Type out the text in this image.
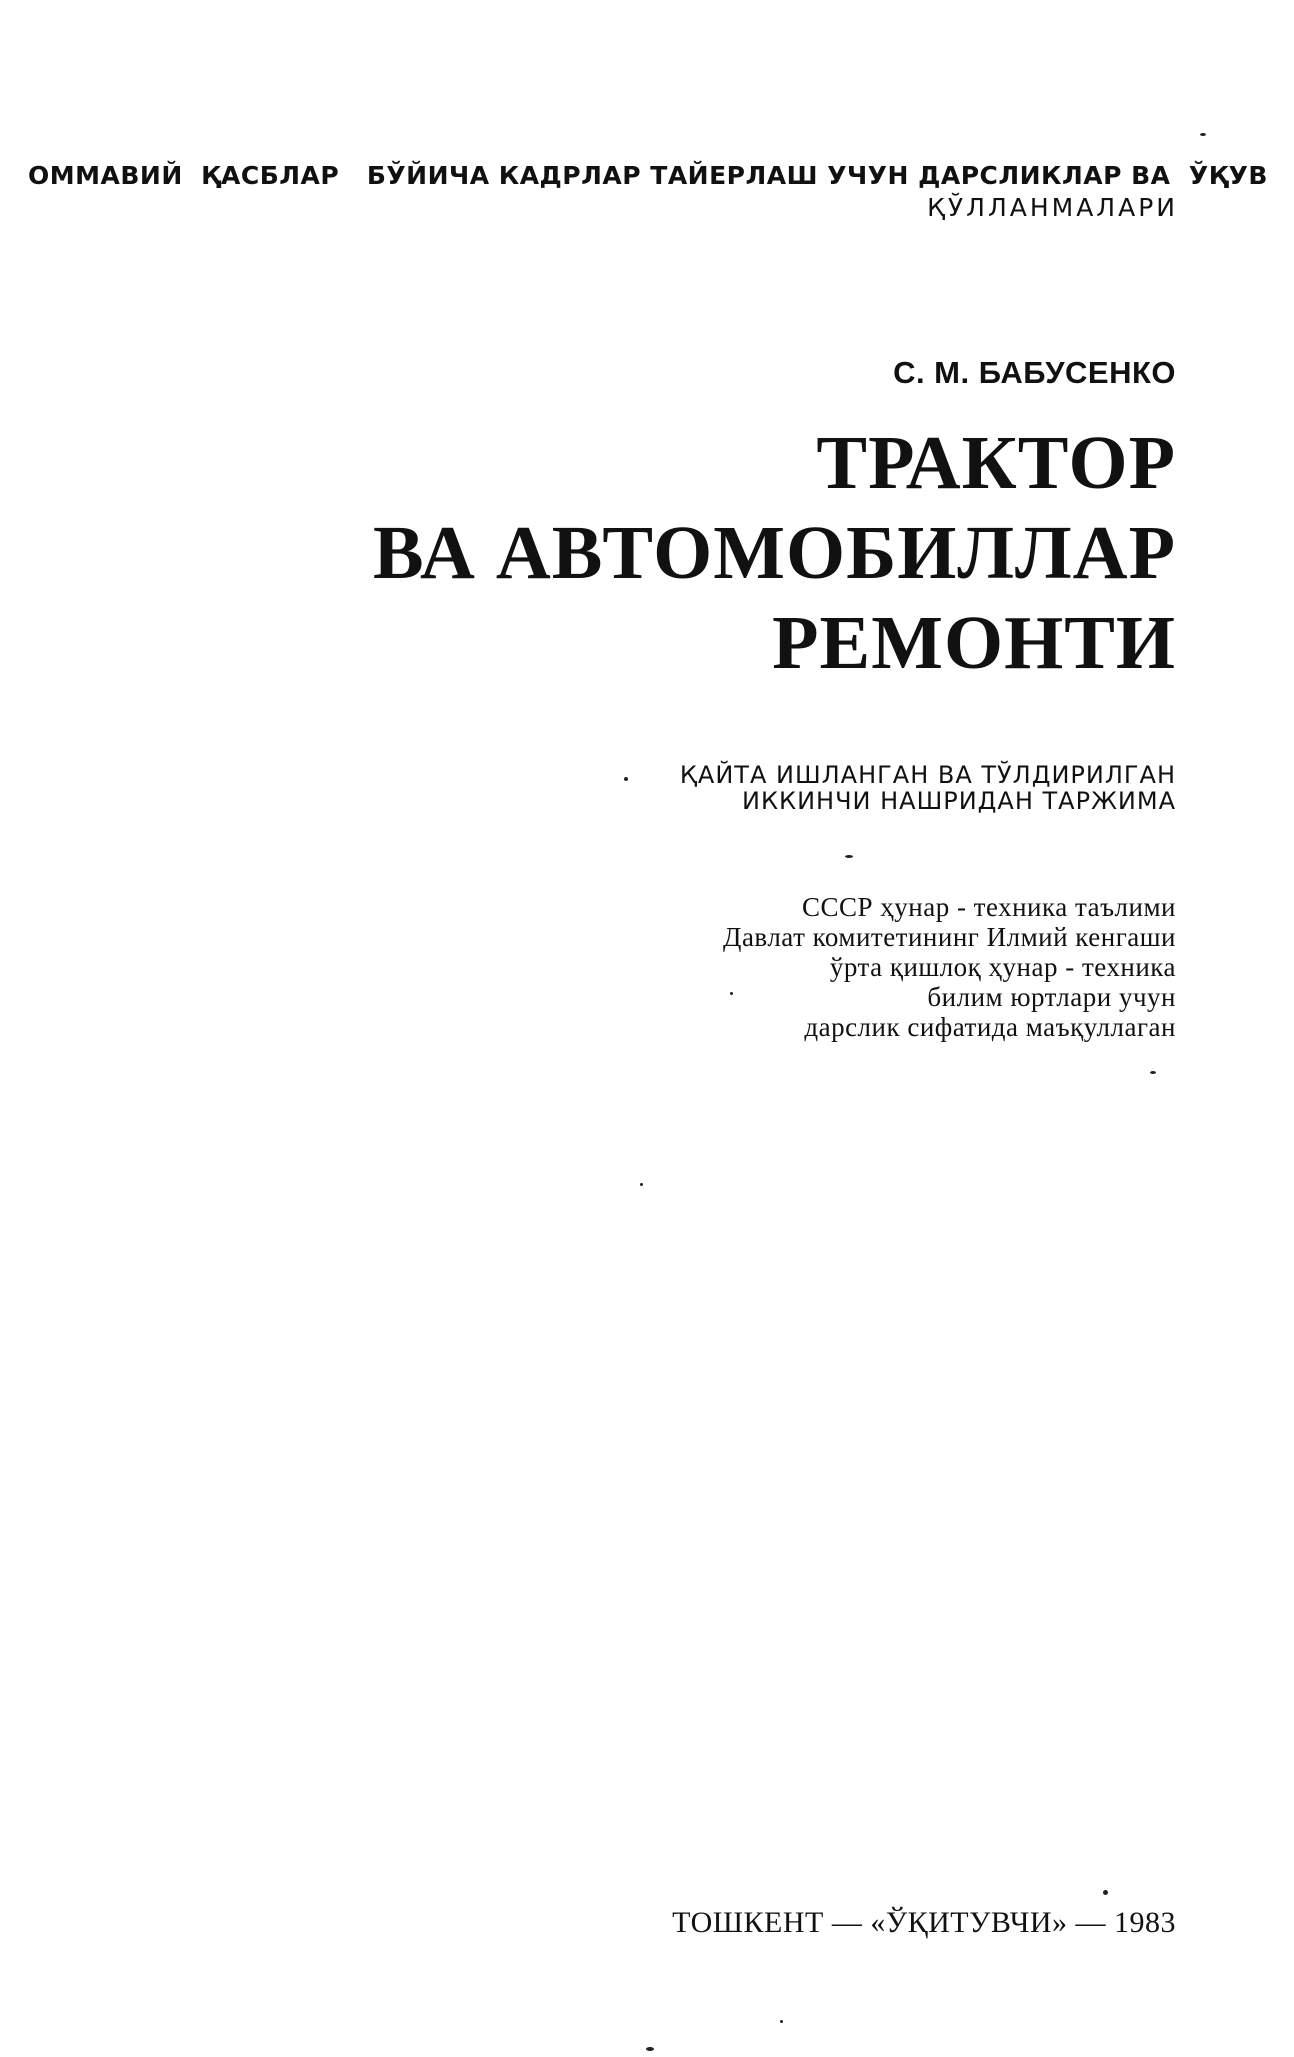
ОММАВИЙ  ҚАСБЛАР   БЎЙИЧА КАДРЛАР ТАЙЕРЛАШ УЧУН ДАРСЛИКЛАР ВА  ЎҚУВ
ҚЎЛЛАНМАЛАРИ
С. М. БАБУСЕНКО
ТРАКТОР
ВА АВТОМОБИЛЛАР
РЕМОНТИ
ҚАЙТА ИШЛАНГАН ВА ТЎЛДИРИЛГАН
ИККИНЧИ НАШРИДАН ТАРЖИМА
СССР ҳунар - техника таълими
Давлат комитетининг Илмий кенгаши
ўрта қишлоқ ҳунар - техника
билим юртлари учун
дарслик сифатида маъқуллаган
ТОШКЕНТ — «ЎҚИТУВЧИ» — 1983
